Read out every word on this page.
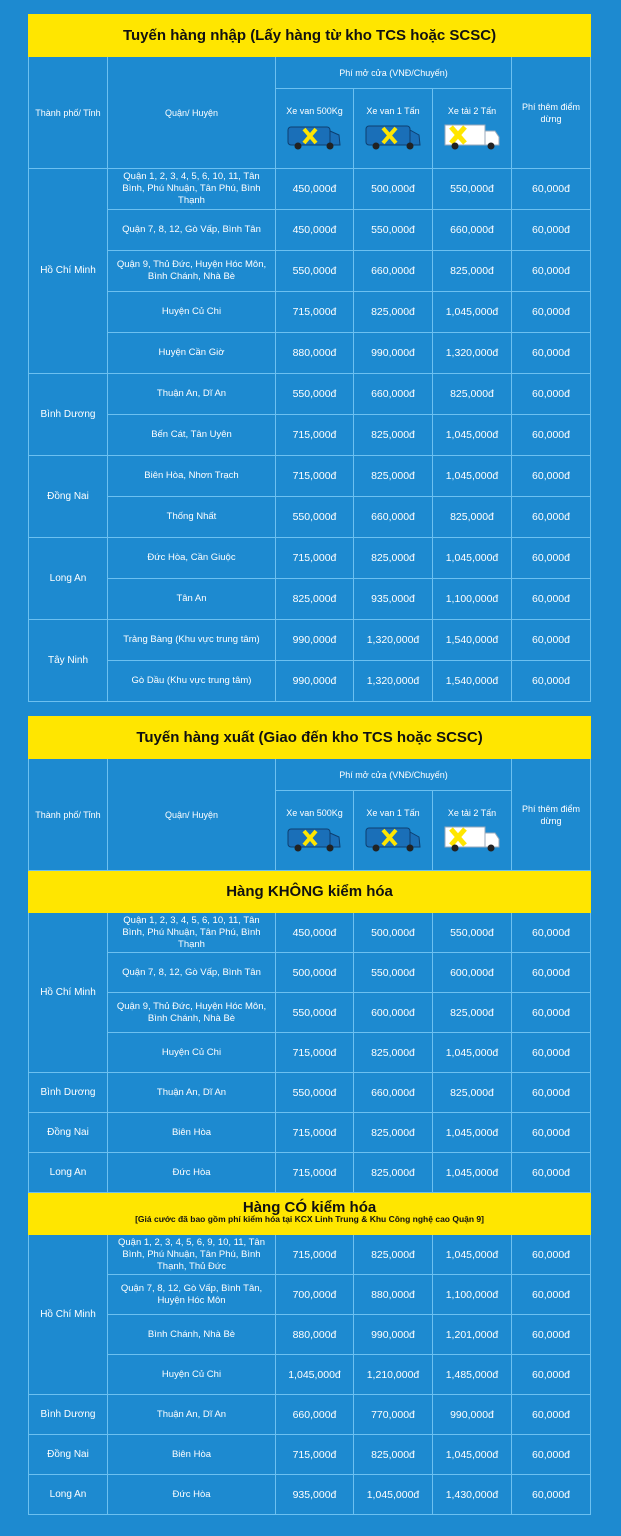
Tuyến hàng nhập (Lấy hàng từ kho TCS hoặc SCSC)					
Thành phố/ Tỉnh	Quận/ Huyện	Phí mở cửa (VNĐ/Chuyến)			Phí thêm điểm dừng

		Xe van 500Kg	Xe van 1 Tấn	Xe tải 2 Tấn	

Hồ Chí Minh	Quận 1, 2, 3, 4, 5, 6, 10, 11, Tân Bình, Phú Nhuận, Tân Phú, Bình Thạnh	450,000đ	500,000đ	550,000đ	60,000đ
	Quận 7, 8, 12, Gò Vấp, Bình Tân	450,000đ	550,000đ	660,000đ	60,000đ
	Quận 9, Thủ Đức, Huyện Hóc Môn, Bình Chánh, Nhà Bè	550,000đ	660,000đ	825,000đ	60,000đ
	Huyện Củ Chi	715,000đ	825,000đ	1,045,000đ	60,000đ
	Huyện Cần Giờ	880,000đ	990,000đ	1,320,000đ	60,000đ
Bình Dương	Thuận An, Dĩ An	550,000đ	660,000đ	825,000đ	60,000đ
	Bến Cát, Tân Uyên	715,000đ	825,000đ	1,045,000đ	60,000đ
Đồng Nai	Biên Hòa, Nhơn Trạch	715,000đ	825,000đ	1,045,000đ	60,000đ
	Thống Nhất	550,000đ	660,000đ	825,000đ	60,000đ
Long An	Đức Hòa, Cần Giuộc	715,000đ	825,000đ	1,045,000đ	60,000đ
	Tân An	825,000đ	935,000đ	1,100,000đ	60,000đ
Tây Ninh	Trảng Bàng (Khu vực trung tâm)	990,000đ	1,320,000đ	1,540,000đ	60,000đ
	Gò Dầu (Khu vực trung tâm)	990,000đ	1,320,000đ	1,540,000đ	60,000đ
Tuyến hàng xuất (Giao đến kho TCS hoặc SCSC)					
Thành phố/ Tỉnh	Quận/ Huyện	Phí mở cửa (VNĐ/Chuyến)			Phí thêm điểm dừng

		Xe van 500Kg	Xe van 1 Tấn	Xe tải 2 Tấn	

Hàng KHÔNG kiểm hóa					
Hồ Chí Minh	Quận 1, 2, 3, 4, 5, 6, 10, 11, Tân Bình, Phú Nhuận, Tân Phú, Bình Thạnh	450,000đ	500,000đ	550,000đ	60,000đ
	Quận 7, 8, 12, Gò Vấp, Bình Tân	500,000đ	550,000đ	600,000đ	60,000đ
	Quận 9, Thủ Đức, Huyện Hóc Môn, Bình Chánh, Nhà Bè	550,000đ	600,000đ	825,000đ	60,000đ
	Huyện Củ Chi	715,000đ	825,000đ	1,045,000đ	60,000đ
Bình Dương	Thuận An, Dĩ An	550,000đ	660,000đ	825,000đ	60,000đ
Đồng Nai	Biên Hòa	715,000đ	825,000đ	1,045,000đ	60,000đ
Long An	Đức Hòa	715,000đ	825,000đ	1,045,000đ	60,000đ
Hàng CÓ kiểm hóa
[Giá cước đã bao gồm phí kiểm hóa tại KCX Linh Trung & Khu Công nghệ cao Quận 9]					

Hồ Chí Minh	Quận 1, 2, 3, 4, 5, 6, 9, 10, 11, Tân Bình, Phú Nhuận, Tân Phú, Bình Thạnh, Thủ Đức	715,000đ	825,000đ	1,045,000đ	60,000đ
	Quận 7, 8, 12, Gò Vấp, Bình Tân, Huyện Hóc Môn	700,000đ	880,000đ	1,100,000đ	60,000đ
	Bình Chánh, Nhà Bè	880,000đ	990,000đ	1,201,000đ	60,000đ
	Huyện Củ Chi	1,045,000đ	1,210,000đ	1,485,000đ	60,000đ
Bình Dương	Thuận An, Dĩ An	660,000đ	770,000đ	990,000đ	60,000đ
Đồng Nai	Biên Hòa	715,000đ	825,000đ	1,045,000đ	60,000đ
Long An	Đức Hòa	935,000đ	1,045,000đ	1,430,000đ	60,000đ
